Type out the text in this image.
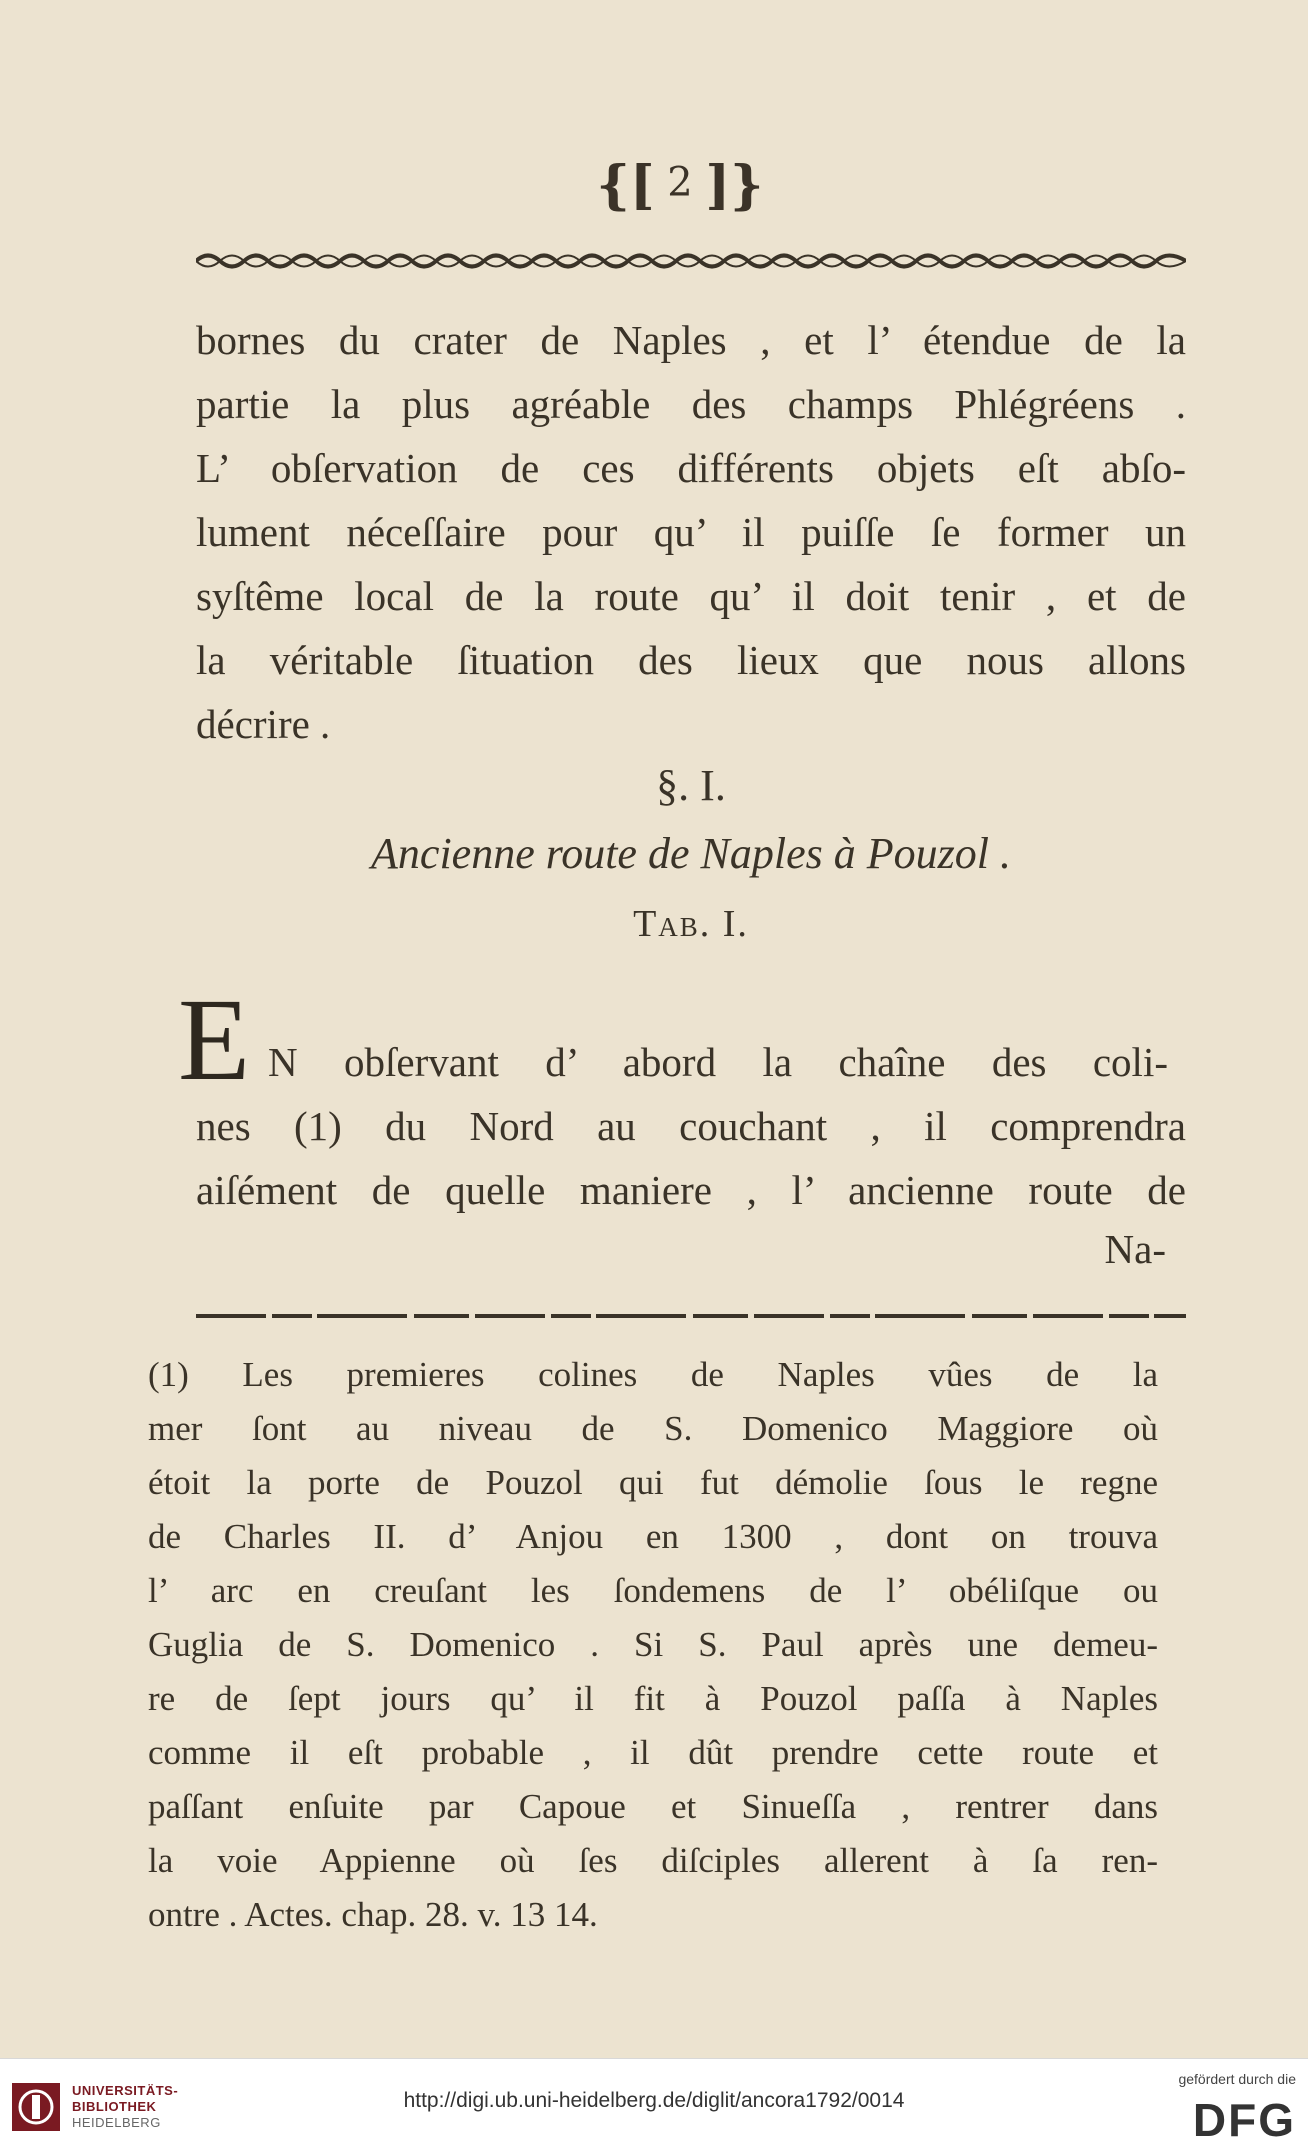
{[ 2 ]}

bornes du crater de Naples , et l’ étendue de la

partie la plus agréable des champs Phlégréens .

L’ obſervation de ces différents objets eſt abſo-

lument néceſſaire pour qu’ il puiſſe ſe former un

syſtême local de la route qu’ il doit tenir , et de

la véritable ſituation des lieux que nous allons

décrire .

§. I.
Ancienne route de Naples à Pouzol .
Tab. I.
E N obſervant d’ abord la chaîne des coli-

nes (1) du Nord au couchant , il comprendra

aiſément de quelle maniere , l’ ancienne route de

Na-

(1) Les premieres colines de Naples vûes de la

mer ſont au niveau de S. Domenico Maggiore où

étoit la porte de Pouzol qui fut démolie ſous le regne

de Charles II. d’ Anjou en 1300 , dont on trouva

l’ arc en creuſant les ſondemens de l’ obéliſque ou

Guglia de S. Domenico . Si S. Paul après une demeu-

re de ſept jours qu’ il fit à Pouzol paſſa à Naples

comme il eſt probable , il dût prendre cette route et

paſſant enſuite par Capoue et Sinueſſa , rentrer dans

la voie Appienne où ſes diſciples allerent à ſa ren-

ontre . Actes. chap. 28. v. 13 14.

UNIVERSITÄTS-
BIBLIOTHEK
HEIDELBERG
http://digi.ub.uni-heidelberg.de/diglit/ancora1792/0014
gefördert durch die
DFG
